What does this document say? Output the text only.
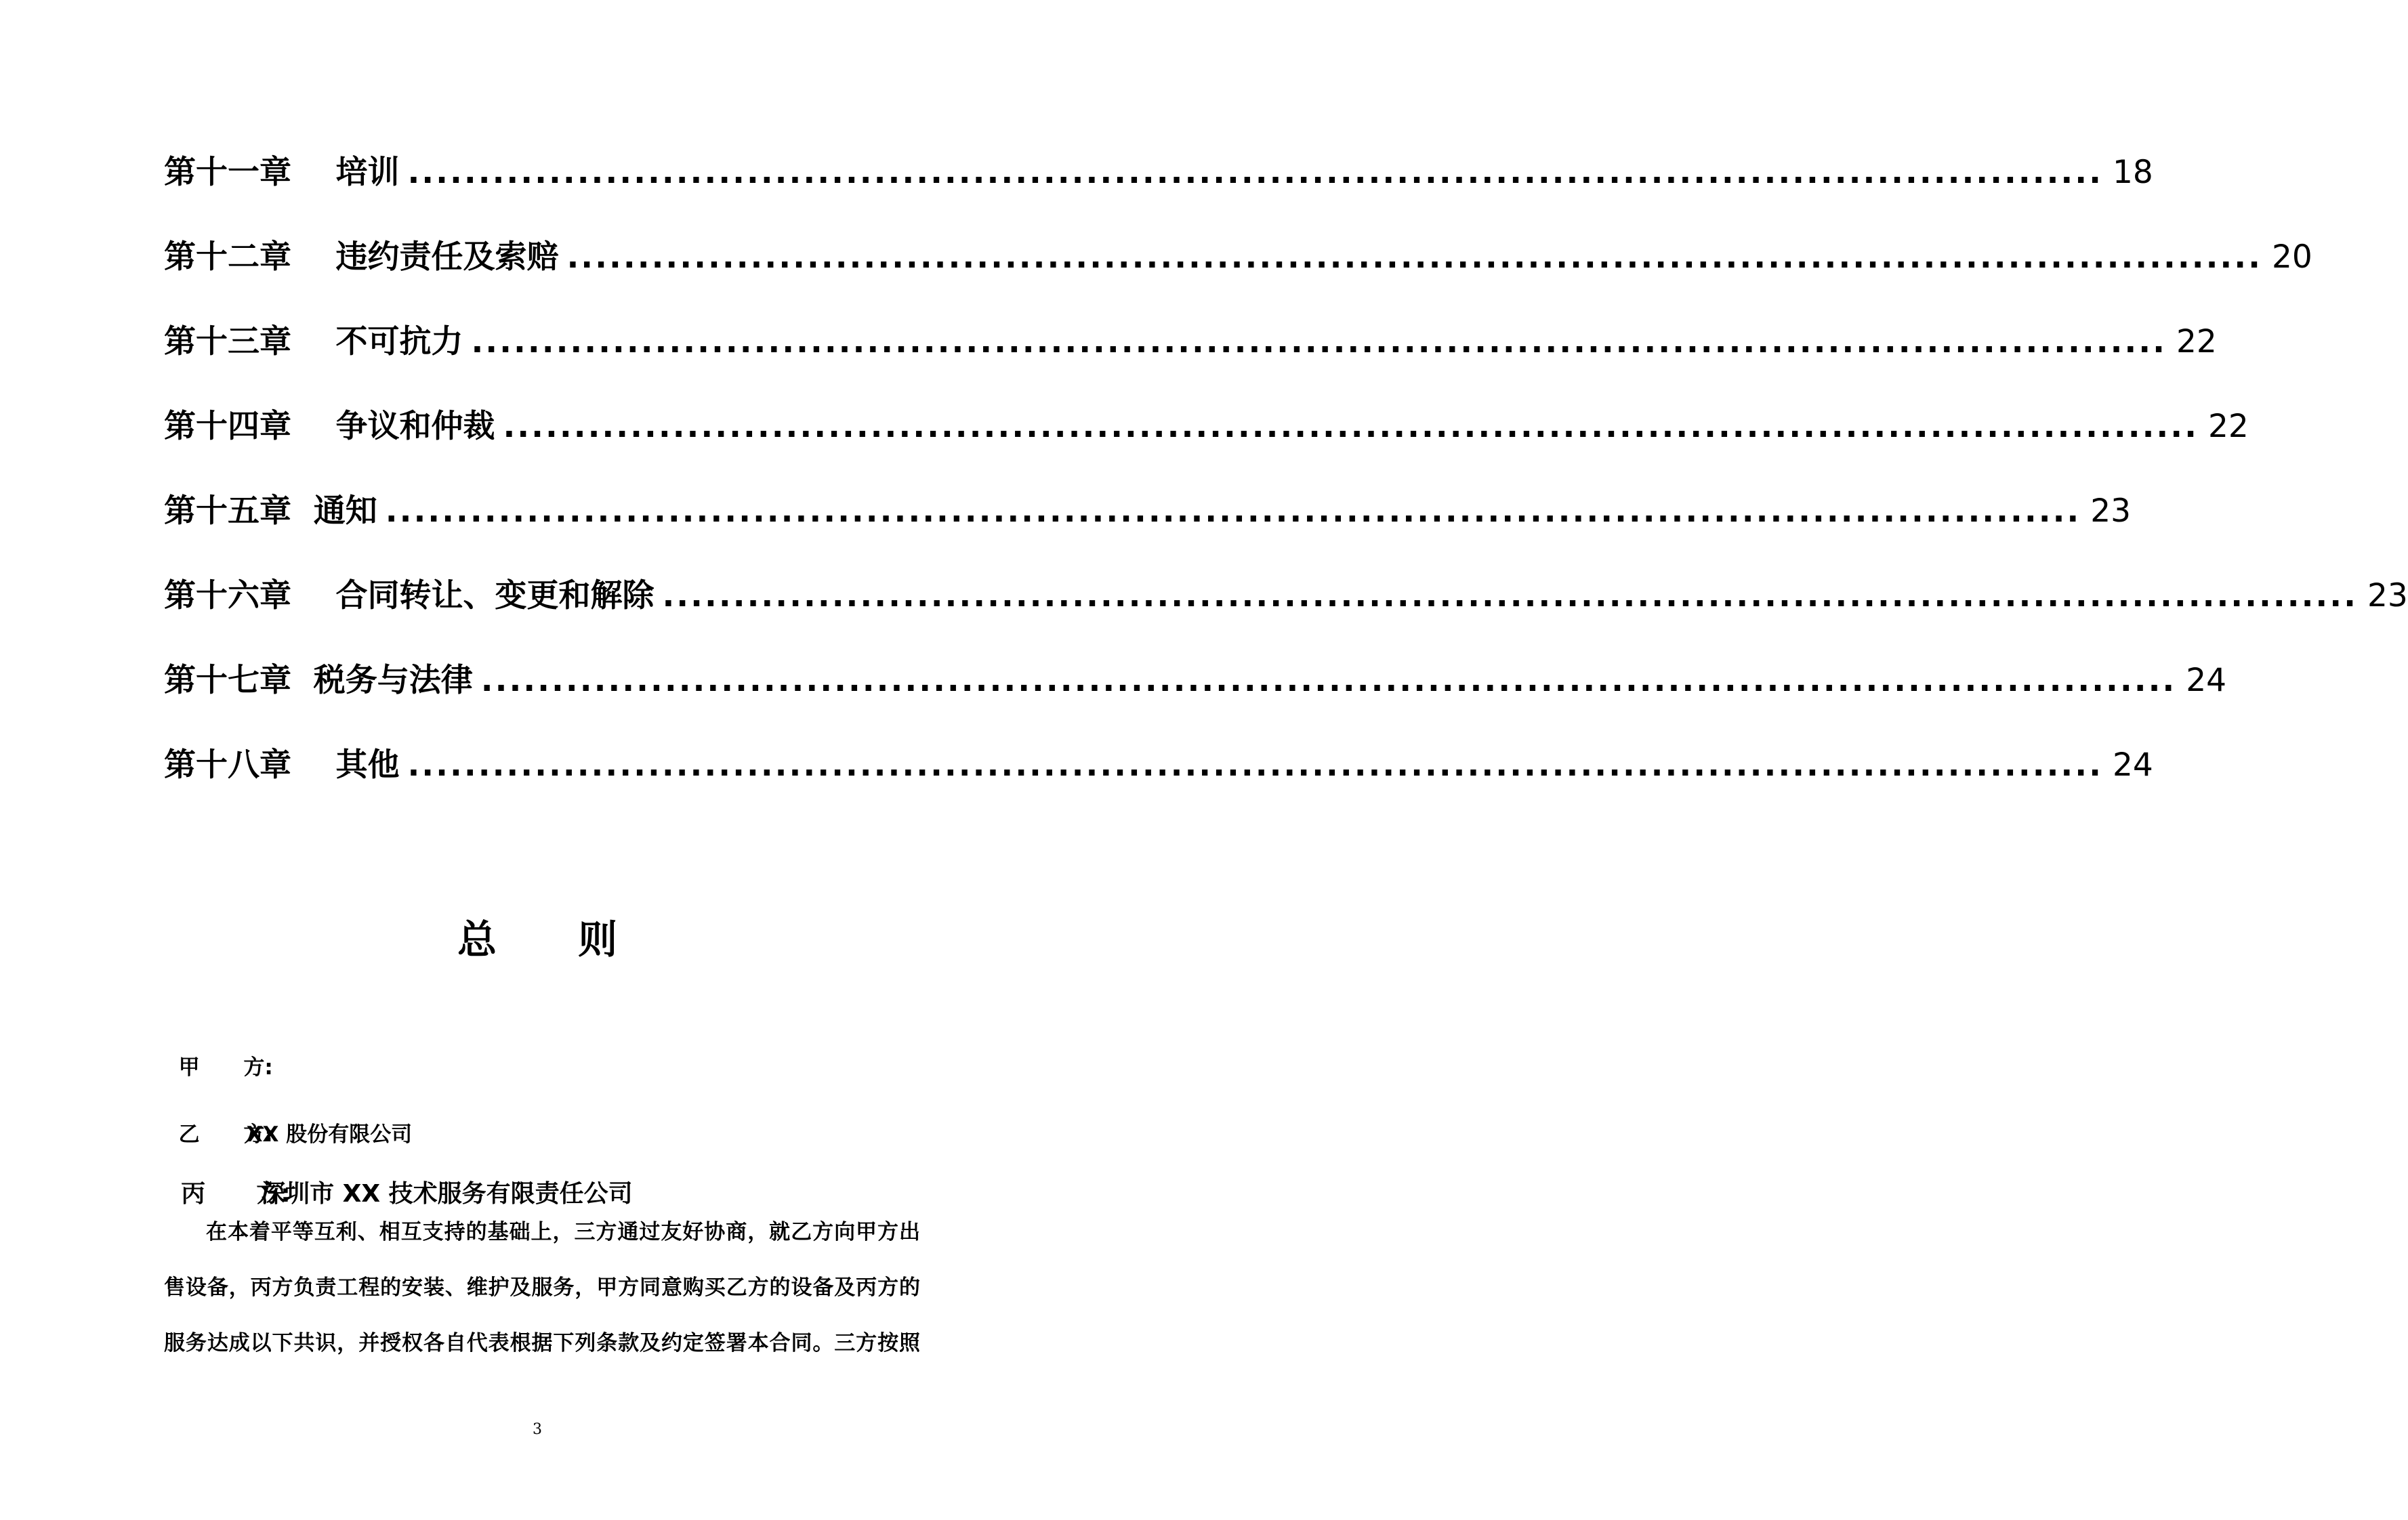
第十一章
培训 ........................................................................................................................ 18
第十二章
违约责任及索赔 ........................................................................................................................ 20
第十三章
不可抗力 ........................................................................................................................ 22
第十四章
争议和仲裁 ........................................................................................................................ 22
第十五章
通知 ........................................................................................................................ 23
第十六章
合同转让、变更和解除 ........................................................................................................................ 23
第十七章
税务与法律 ........................................................................................................................ 24
第十八章
其他 ........................................................................................................................ 24
总则

甲      方:

乙      方:XX 股份有限公司

丙      方:深圳市 XX 技术服务有限责任公司

在本着平等互利、相互支持的基础上，三方通过友好协商，就乙方向甲方出
售设备，丙方负责工程的安装、维护及服务，甲方同意购买乙方的设备及丙方的
服务达成以下共识，并授权各自代表根据下列条款及约定签署本合同。三方按照
3
